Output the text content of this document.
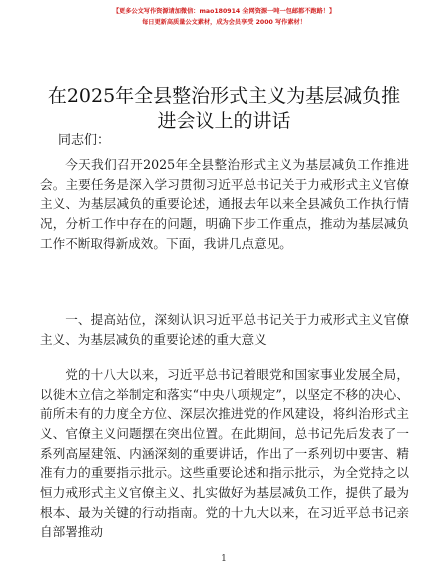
【更多公文写作资源请加微信：mao180914 全网资源一吨一包邮都不跑路！】
每日更新高质量公文素材，成为会员享受 2000 写作素材！
在2025年全县整治形式主义为基层减负推进会议上的讲话
同志们：

今天我们召开2025年全县整治形式主义为基层减负工作推进会。主要任务是深入学习贯彻习近平总书记关于力戒形式主义官僚主义、为基层减负的重要论述，通报去年以来全县减负工作执行情况，分析工作中存在的问题，明确下步工作重点，推动为基层减负工作不断取得新成效。下面，我讲几点意见。

一、提高站位，深刻认识习近平总书记关于力戒形式主义官僚主义、为基层减负的重要论述的重大意义

党的十八大以来，习近平总书记着眼党和国家事业发展全局，以徙木立信之举制定和落实“中央八项规定”，以坚定不移的决心、前所未有的力度全方位、深层次推进党的作风建设，将纠治形式主义、官僚主义问题摆在突出位置。在此期间，总书记先后发表了一系列高屋建瓴、内涵深刻的重要讲话，作出了一系列切中要害、精准有力的重要指示批示。这些重要论述和指示批示，为全党持之以恒力戒形式主义官僚主义、扎实做好为基层减负工作，提供了最为根本、最为关键的行动指南。党的十九大以来，在习近平总书记亲自部署推动

1
